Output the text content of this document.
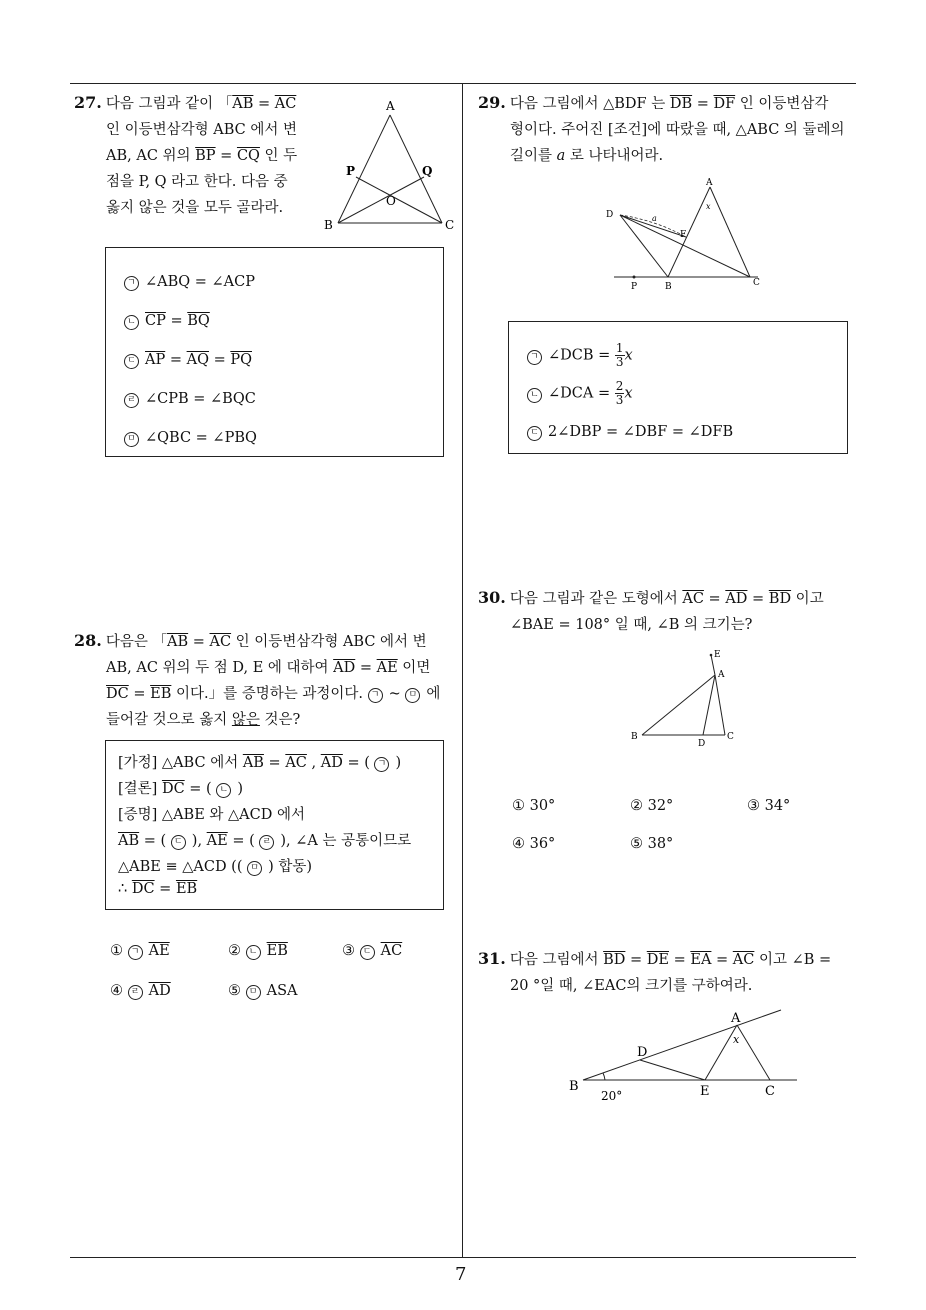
7
27. 다음 그림과 같이 「$\overline{AB} = \overline{AC}$
인 이등변삼각형 ABC 에서 변
AB, AC 위의 $\overline{BP} = \overline{CQ}$ 인 두
점을 P, Q 라고 한다. 다음 중
옳지 않은 것을 모두 골라라.
A
B	C
P	Q
O
ㄱ ∠ABQ = ∠ACP
ㄴ $\overline{CP} = \overline{BQ}$
ㄷ $\overline{AP} = \overline{AQ} = \overline{PQ}$
ㄹ ∠CPB = ∠BQC
ㅁ ∠QBC = ∠PBQ
28. 다음은 「$\overline{AB} = \overline{AC}$ 인 이등변삼각형 ABC 에서 변
AB, AC 위의 두 점 D, E 에 대하여 $\overline{AD} = \overline{AE}$ 이면
$\overline{DC} = \overline{EB}$ 이다.」를 증명하는 과정이다. ㄱ ~ ㅁ 에
들어갈 것으로 옳지 않은 것은?
[가정] △ABC 에서 $\overline{AB} = \overline{AC}$ , $\overline{AD}$ = ( ㄱ )
[결론] $\overline{DC}$ = ( ㄴ )
[증명] △ABE 와 △ACD 에서
$\overline{AB}$ = ( ㄷ ), $\overline{AE}$ = ( ㄹ ), ∠A 는 공통이므로
△ABE ≡ △ACD (( ㅁ ) 합동)
∴ $\overline{DC} = \overline{EB}$
① ㄱ $\overline{AE}$	② ㄴ $\overline{EB}$	③ ㄷ $\overline{AC}$
④ ㄹ $\overline{AD}$	⑤ ㅁ ASA
29. 다음 그림에서 △BDF 는 $\overline{DB} = \overline{DF}$ 인 이등변삼각
형이다. 주어진 [조건]에 따랐을 때, △ABC 의 둘레의
길이를 a 로 나타내어라.
A
x
D	a
F
P	B	C
ㄱ ∠DCB = $\frac{1}{3}$ x
ㄴ ∠DCA = $\frac{2}{3}$ x
ㄷ 2∠DBP = ∠DBF = ∠DFB
30. 다음 그림과 같은 도형에서 $\overline{AC} = \overline{AD} = \overline{BD}$ 이고
∠BAE = 108° 일 때, ∠B 의 크기는?
E
A
B
D
C
① 30°	② 32°	③ 34°
④ 36°	⑤ 38°
31. 다음 그림에서 $\overline{BD} = \overline{DE} = \overline{EA} = \overline{AC}$ 이고 ∠B =
20 °일 때, ∠EAC의 크기를 구하여라.
A
x
D
B	E	C
20°
